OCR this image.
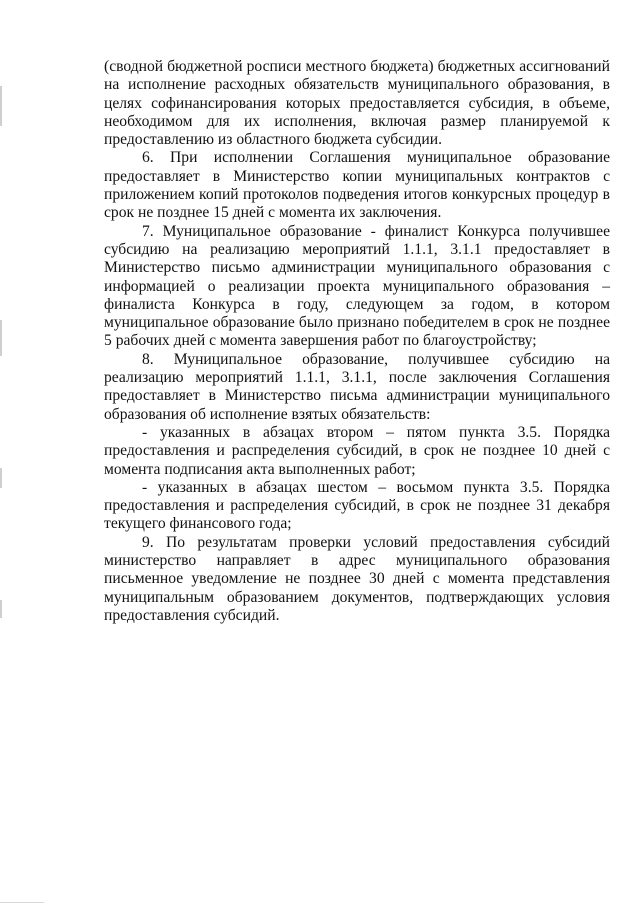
(сводной бюджетной росписи местного бюджета) бюджетных ассигнований на исполнение расходных обязательств муниципального образования, в целях софинансирования которых предоставляется субсидия, в объеме, необходимом для их исполнения, включая размер планируемой к предоставлению из областного бюджета субсидии.

6. При исполнении Соглашения муниципальное образование предоставляет в Министерство копии муниципальных контрактов с приложением копий протоколов подведения итогов конкурсных процедур в срок не позднее 15 дней с момента их заключения.

7. Муниципальное образование - финалист Конкурса получившее субсидию на реализацию мероприятий 1.1.1, 3.1.1 предоставляет в Министерство письмо администрации муниципального образования с информацией о реализации проекта муниципального образования – финалиста Конкурса в году, следующем за годом, в котором муниципальное образование было признано победителем в срок не позднее 5 рабочих дней с момента завершения работ по благоустройству;

8. Муниципальное образование, получившее субсидию на реализацию мероприятий 1.1.1, 3.1.1, после заключения Соглашения предоставляет в Министерство письма администрации муниципального образования об исполнение взятых обязательств:

- указанных в абзацах втором – пятом пункта 3.5. Порядка предоставления и распределения субсидий, в срок не позднее 10 дней с момента подписания акта выполненных работ;

- указанных в абзацах шестом – восьмом пункта 3.5. Порядка предоставления и распределения субсидий, в срок не позднее 31 декабря текущего финансового года;

9. По результатам проверки условий предоставления субсидий министерство направляет в адрес муниципального образования письменное уведомление не позднее 30 дней с момента представления муниципальным образованием документов, подтверждающих условия предоставления субсидий.
